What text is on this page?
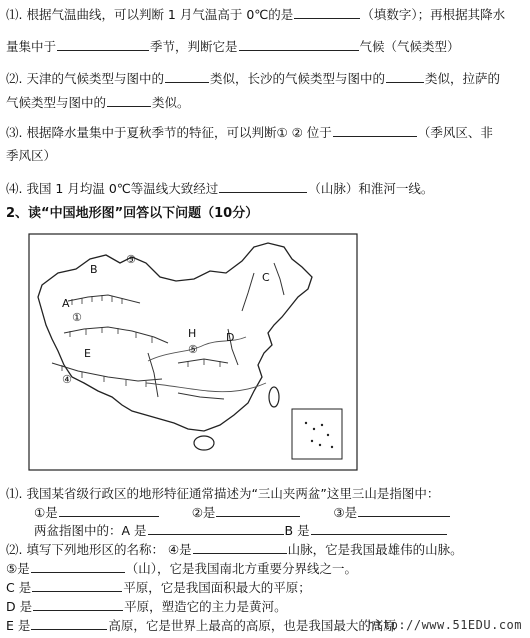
⑴. 根据气温曲线，可以判断 1 月气温高于 0℃的是	（填数字）；再根据其降水
量集中于	季节，判断它是	气候（气候类型）
⑵. 天津的气候类型与图中的	类似，长沙的气候类型与图中的	类似，拉萨的
气候类型与图中的	类似。
⑶. 根据降水量集中于夏秋季节的特征，可以判断① ② 位于	（季风区、非
季风区）
⑷. 我国 1 月均温 0℃等温线大致经过	（山脉）和淮河一线。
2、读“中国地形图”回答以下问题（10分）
B
A
E
C
H	D
③
①
⑤
④
⑴. 我国某省级行政区的地形特征通常描述为“三山夹两盆”这里三山是指图中：
①是	②是	③是
两盆指图中的：A 是	B 是
⑵. 填写下列地形区的名称： ④是	山脉，它是我国最雄伟的山脉。
⑤是	（山），它是我国南北方重要分界线之一。
C 是	平原，它是我国面积最大的平原；
D 是	平原，塑造它的主力是黄河。
E 是	高原，它是世界上最高的高原，也是我国最大的高原
http://www.51EDU.com
